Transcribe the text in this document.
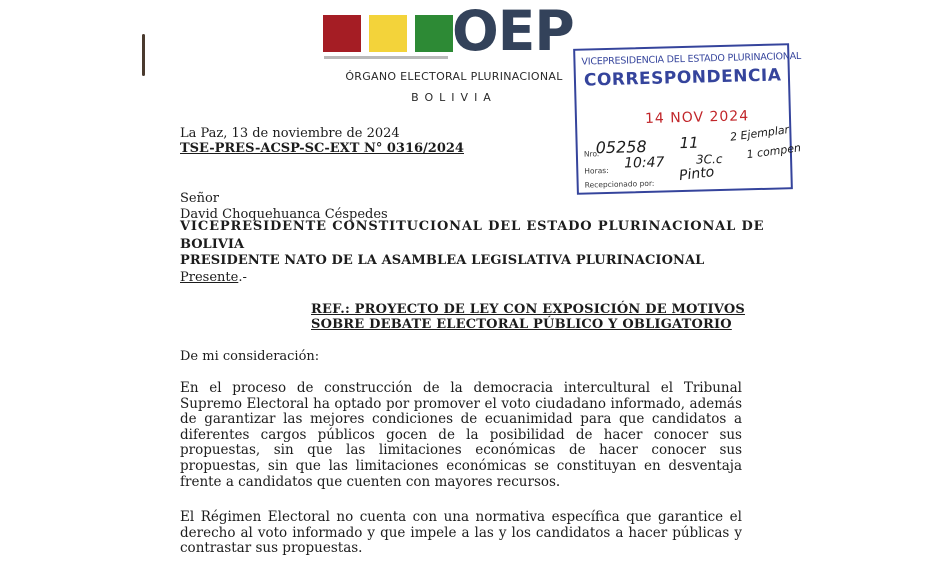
OEP
ÓRGANO ELECTORAL PLURINACIONAL
BOLIVIA
VICEPRESIDENCIA DEL ESTADO PLURINACIONAL
CORRESPONDENCIA
14 NOV 2024
Nro.
Horas:
Recepcionado por:
05258 11	2 Ejemplar
10:47	3C.c 1 compen
Pinto
La Paz, 13 de noviembre de 2024
TSE-PRES-ACSP-SC-EXT N° 0316/2024
Señor
David Choquehuanca Céspedes
VICEPRESIDENTE CONSTITUCIONAL DEL ESTADO PLURINACIONAL DE
BOLIVIA
PRESIDENTE NATO DE LA ASAMBLEA LEGISLATIVA PLURINACIONAL
Presente.-
REF.: PROYECTO DE LEY CON EXPOSICIÓN DE MOTIVOS
SOBRE DEBATE ELECTORAL PÚBLICO Y OBLIGATORIO
De mi consideración:
En el proceso de construcción de la democracia intercultural el Tribunal Supremo Electoral ha optado por promover el voto ciudadano informado, además de garantizar las mejores condiciones de ecuanimidad para que candidatos a diferentes cargos públicos gocen de la posibilidad de hacer conocer sus propuestas, sin que las limitaciones económicas de hacer conocer sus propuestas, sin que las limitaciones económicas se constituyan en desventaja frente a candidatos que cuenten con mayores recursos.
El Régimen Electoral no cuenta con una normativa específica que garantice el derecho al voto informado y que impele a las y los candidatos a hacer públicas y contrastar sus propuestas.
